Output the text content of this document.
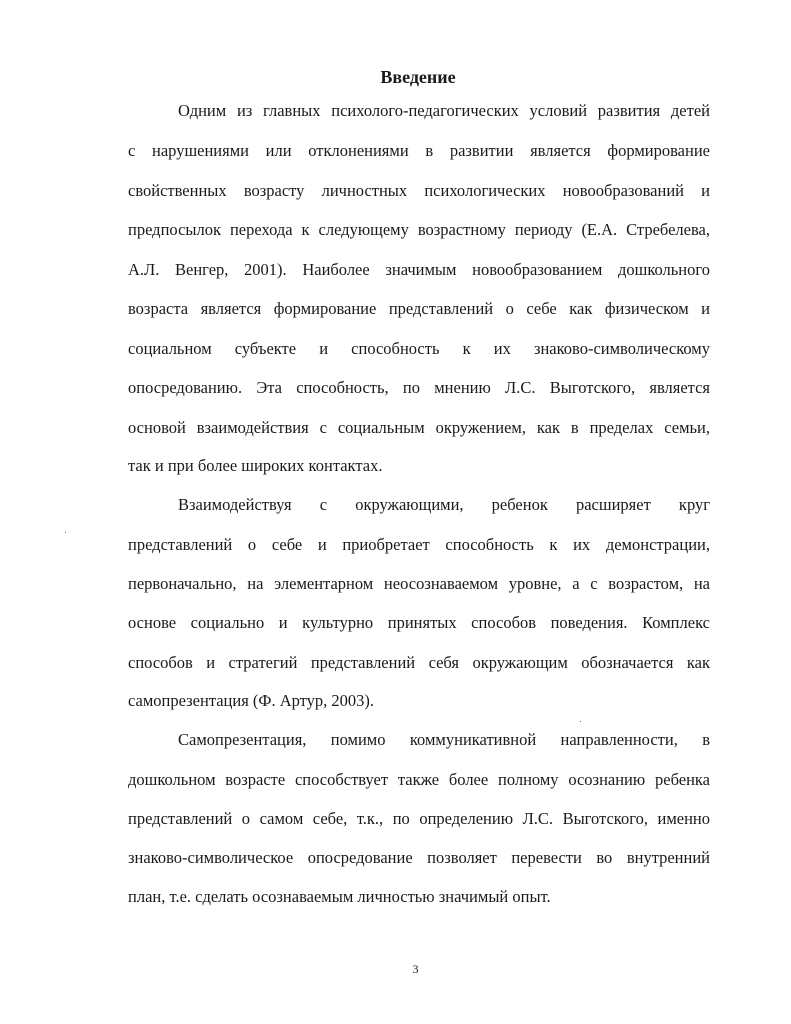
Введение

Одним из главных психолого-педагогических условий развития детей

с нарушениями или отклонениями в развитии является формирование

свойственных возрасту личностных психологических новообразований и

предпосылок перехода к следующему возрастному периоду (Е.А. Стребелева,

А.Л. Венгер, 2001). Наиболее значимым новообразованием дошкольного

возраста является формирование представлений о себе как физическом и

социальном субъекте и способность к их знаково-символическому

опосредованию. Эта способность, по мнению Л.С. Выготского, является

основой взаимодействия с социальным окружением, как в пределах семьи,

так и при более широких контактах.

Взаимодействуя с окружающими, ребенок расширяет круг

представлений о себе и приобретает способность к их демонстрации,

первоначально, на элементарном неосознаваемом уровне, а с возрастом, на

основе социально и культурно принятых способов поведения. Комплекс

способов и стратегий представлений себя окружающим обозначается как

самопрезентация (Ф. Артур, 2003).

Самопрезентация, помимо коммуникативной направленности, в

дошкольном возрасте способствует также более полному осознанию ребенка

представлений о самом себе, т.к., по определению Л.С. Выготского, именно

знаково-символическое опосредование позволяет перевести во внутренний

план, т.е. сделать осознаваемым личностью значимый опыт.

3
